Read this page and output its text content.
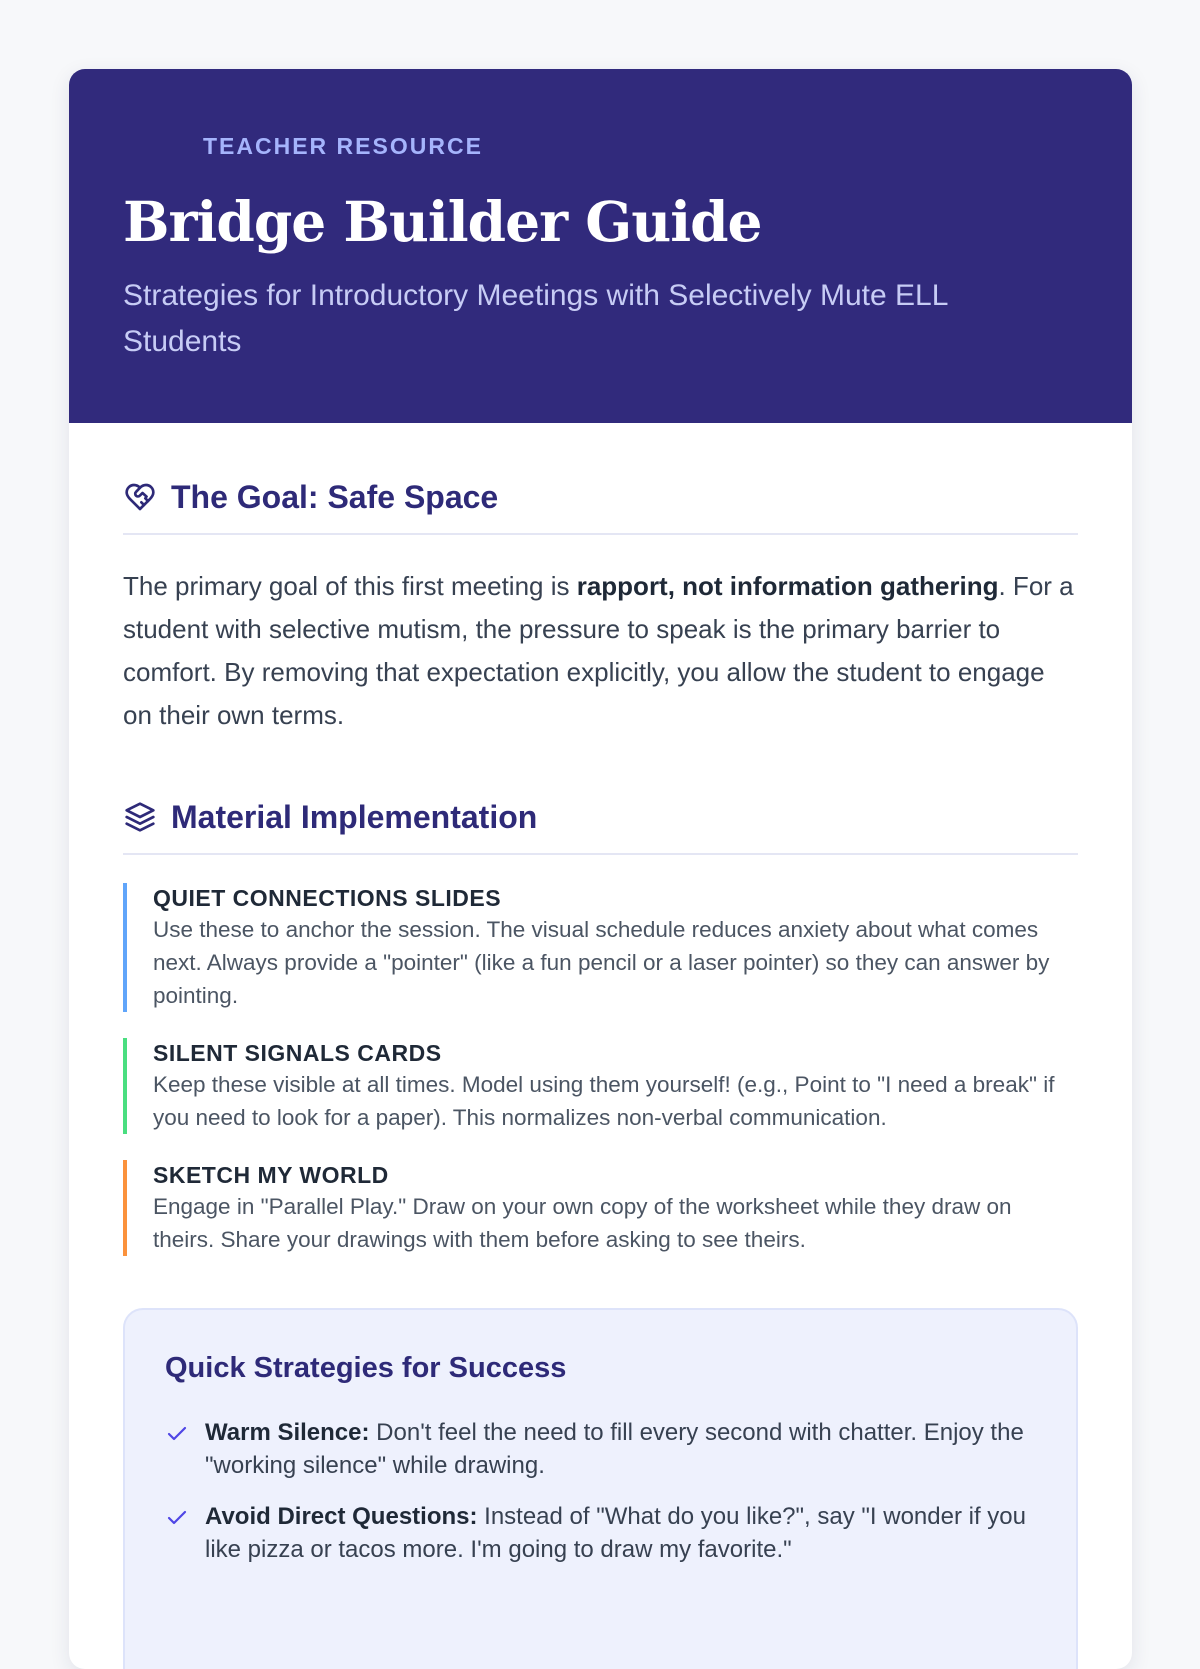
TEACHER RESOURCE
Bridge Builder Guide
Strategies for Introductory Meetings with Selectively Mute ELL Students
The Goal: Safe Space

The primary goal of this first meeting is rapport, not information gathering. For a student with selective mutism, the pressure to speak is the primary barrier to comfort. By removing that expectation explicitly, you allow the student to engage on their own terms.

Material Implementation
QUIET CONNECTIONS SLIDES
Use these to anchor the session. The visual schedule reduces anxiety about what comes next. Always provide a "pointer" (like a fun pencil or a laser pointer) so they can answer by pointing.
SILENT SIGNALS CARDS
Keep these visible at all times. Model using them yourself! (e.g., Point to "I need a break" if you need to look for a paper). This normalizes non-verbal communication.
SKETCH MY WORLD
Engage in "Parallel Play." Draw on your own copy of the worksheet while they draw on theirs. Share your drawings with them before asking to see theirs.
Quick Strategies for Success
Warm Silence: Don't feel the need to fill every second with chatter. Enjoy the "working silence" while drawing.
Avoid Direct Questions: Instead of "What do you like?", say "I wonder if you like pizza or tacos more. I'm going to draw my favorite."
